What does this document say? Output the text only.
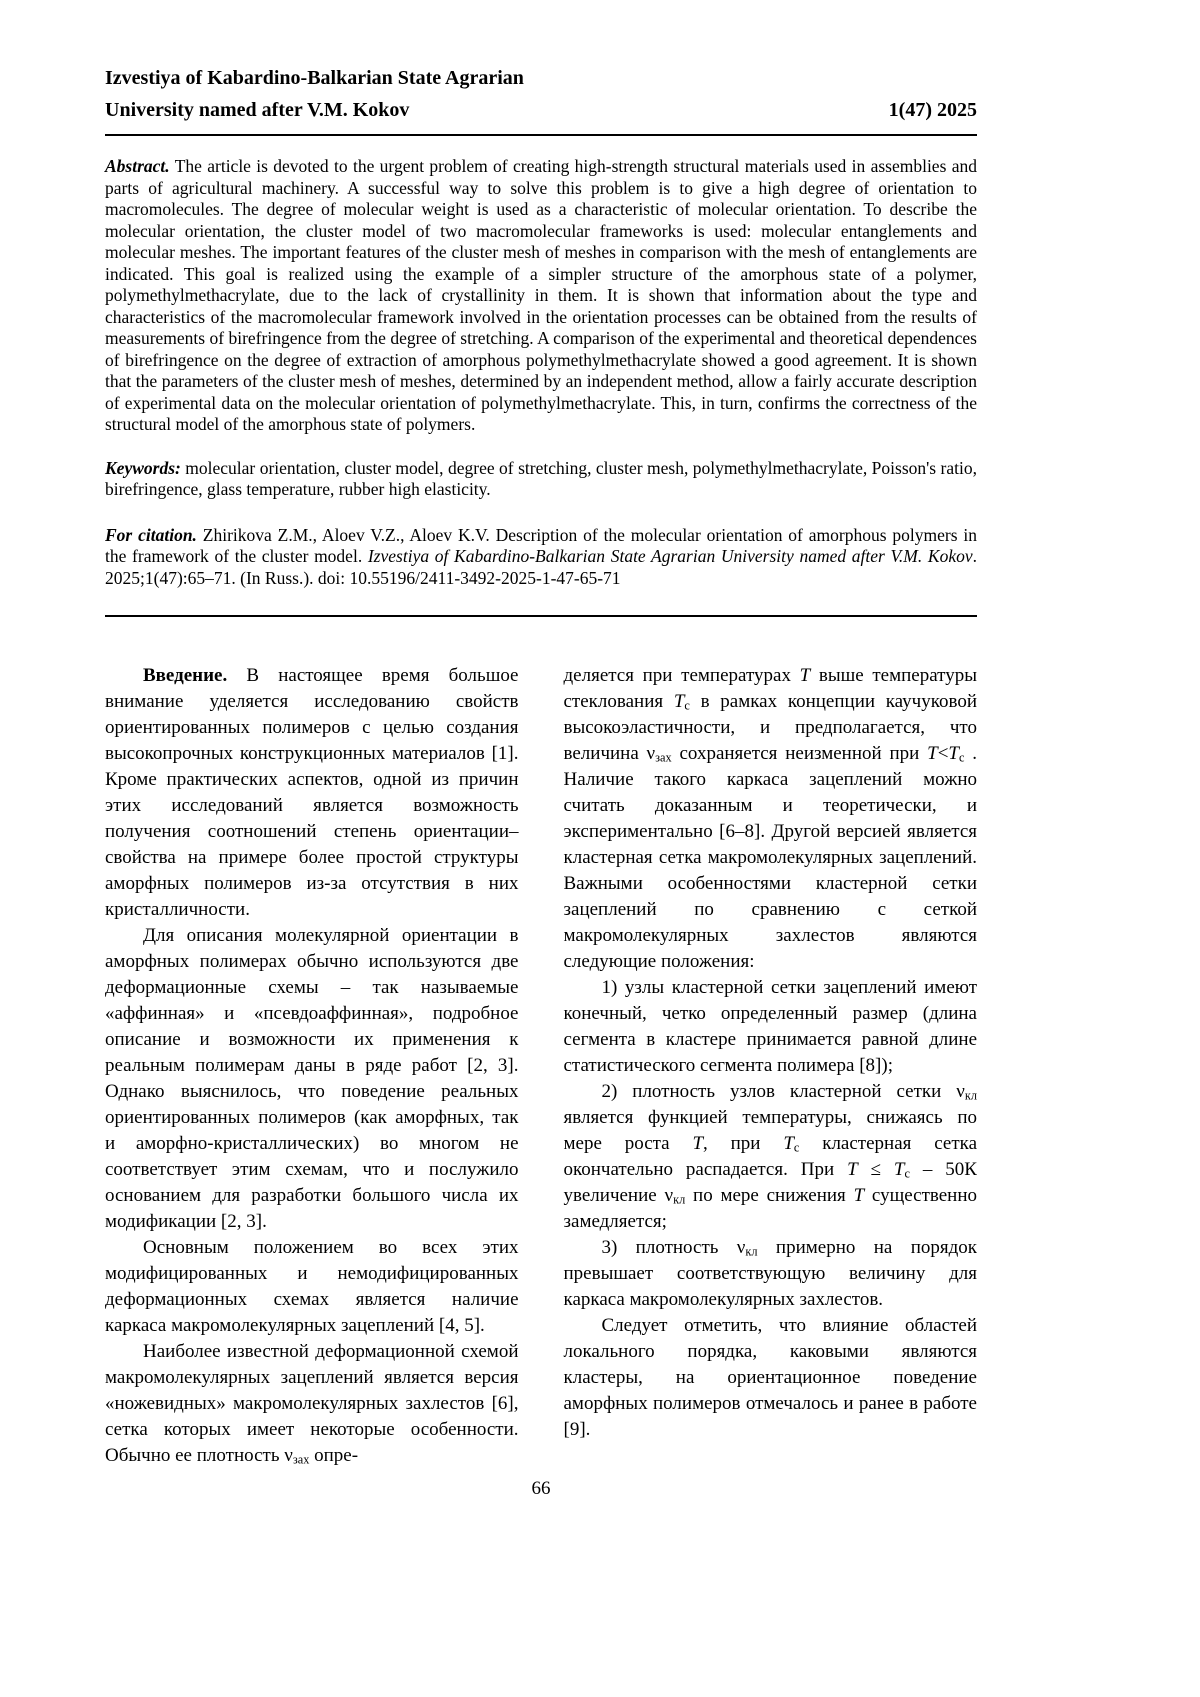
Izvestiya of Kabardino-Balkarian State Agrarian
University named after V.M. Kokov	1(47) 2025

Abstract. The article is devoted to the urgent problem of creating high-strength structural materials used in assemblies and parts of agricultural machinery. A successful way to solve this problem is to give a high degree of orientation to macromolecules. The degree of molecular weight is used as a characteristic of molecular orientation. To describe the molecular orientation, the cluster model of two macromolecular frameworks is used: molecular entanglements and molecular meshes. The important features of the cluster mesh of meshes in comparison with the mesh of entanglements are indicated. This goal is realized using the example of a simpler structure of the amorphous state of a polymer, polymethylmethacrylate, due to the lack of crystallinity in them. It is shown that information about the type and characteristics of the macromolecular framework involved in the orientation processes can be obtained from the results of measurements of birefringence from the degree of stretching. A comparison of the experimental and theoretical dependences of birefringence on the degree of extraction of amorphous polymethylmethacrylate showed a good agreement. It is shown that the parameters of the cluster mesh of meshes, determined by an independent method, allow a fairly accurate description of experimental data on the molecular orientation of polymethylmethacrylate. This, in turn, confirms the correctness of the structural model of the amorphous state of polymers.

Keywords: molecular orientation, cluster model, degree of stretching, cluster mesh, polymethylmethacrylate, Poisson's ratio, birefringence, glass temperature, rubber high elasticity.

For citation. Zhirikova Z.M., Aloev V.Z., Aloev K.V. Description of the molecular orientation of amorphous polymers in the framework of the cluster model. Izvestiya of Kabardino-Balkarian State Agrarian University named after V.M. Kokov. 2025;1(47):65–71. (In Russ.). doi: 10.55196/2411-3492-2025-1-47-65-71

Введение. В настоящее время большое внимание уделяется исследованию свойств ориентированных полимеров с целью создания высокопрочных конструкционных материалов [1]. Кроме практических аспектов, одной из причин этих исследований является возможность получения соотношений степень ориентации–свойства на примере более простой структуры аморфных полимеров из-за отсутствия в них кристалличности.

Для описания молекулярной ориентации в аморфных полимерах обычно используются две деформационные схемы – так называемые «аффинная» и «псевдоаффинная», подробное описание и возможности их применения к реальным полимерам даны в ряде работ [2, 3]. Однако выяснилось, что поведение реальных ориентированных полимеров (как аморфных, так и аморфно-кристаллических) во многом не соответствует этим схемам, что и послужило основанием для разработки большого числа их модификации [2, 3].

Основным положением во всех этих модифицированных и немодифицированных деформационных схемах является наличие каркаса макромолекулярных зацеплений [4, 5].

Наиболее известной деформационной схемой макромолекулярных зацеплений является версия «ножевидных» макромолекулярных захлестов [6], сетка которых имеет некоторые особенности. Обычно ее плотность $\nu_{зах}$ опре-

деляется при температурах T выше температуры стеклования $T_с$ в рамках концепции каучуковой высокоэластичности, и предполагается, что величина $\nu_{зах}$ сохраняется неизменной при $T<T_с$ . Наличие такого каркаса зацеплений можно считать доказанным и теоретически, и экспериментально [6–8]. Другой версией является кластерная сетка макромолекулярных зацеплений. Важными особенностями кластерной сетки зацеплений по сравнению с сеткой макромолекулярных захлестов являются следующие положения:

1) узлы кластерной сетки зацеплений имеют конечный, четко определенный размер (длина сегмента в кластере принимается равной длине статистического сегмента полимера [8]);

2) плотность узлов кластерной сетки $\nu_{кл}$ является функцией температуры, снижаясь по мере роста T, при $T_с$ кластерная сетка окончательно распадается. При $T \le T_с - 50К$ увеличение $\nu_{кл}$ по мере снижения T существенно замедляется;

3) плотность $\nu_{кл}$ примерно на порядок превышает соответствующую величину для каркаса макромолекулярных захлестов.

Следует отметить, что влияние областей локального порядка, каковыми являются кластеры, на ориентационное поведение аморфных полимеров отмечалось и ранее в работе [9].

66
